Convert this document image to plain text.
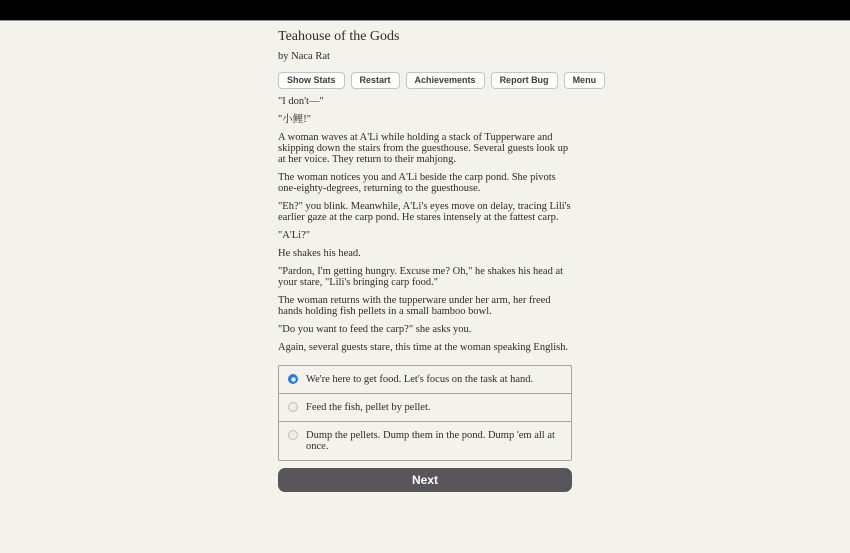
Teahouse of the Gods

by Naca Rat

Show Stats	Restart	Achievements	Report Bug	Menu

"I don't—"

"小鲤!"

A woman waves at A'Li while holding a stack of Tupperware and skipping down the stairs from the guesthouse. Several guests look up at her voice. They return to their mahjong.

The woman notices you and A'Li beside the carp pond. She pivots one-eighty-degrees, returning to the guesthouse.

"Eh?" you blink. Meanwhile, A'Li's eyes move on delay, tracing Lili's earlier gaze at the carp pond. He stares intensely at the fattest carp.

"A'Li?"

He shakes his head.

"Pardon, I'm getting hungry. Excuse me? Oh," he shakes his head at your stare, "Lili's bringing carp food."

The woman returns with the tupperware under her arm, her freed hands holding fish pellets in a small bamboo bowl.

"Do you want to feed the carp?" she asks you.

Again, several guests stare, this time at the woman speaking English.

We're here to get food. Let's focus on the task at hand.
Feed the fish, pellet by pellet.
Dump the pellets. Dump them in the pond. Dump 'em all at once.
Next
